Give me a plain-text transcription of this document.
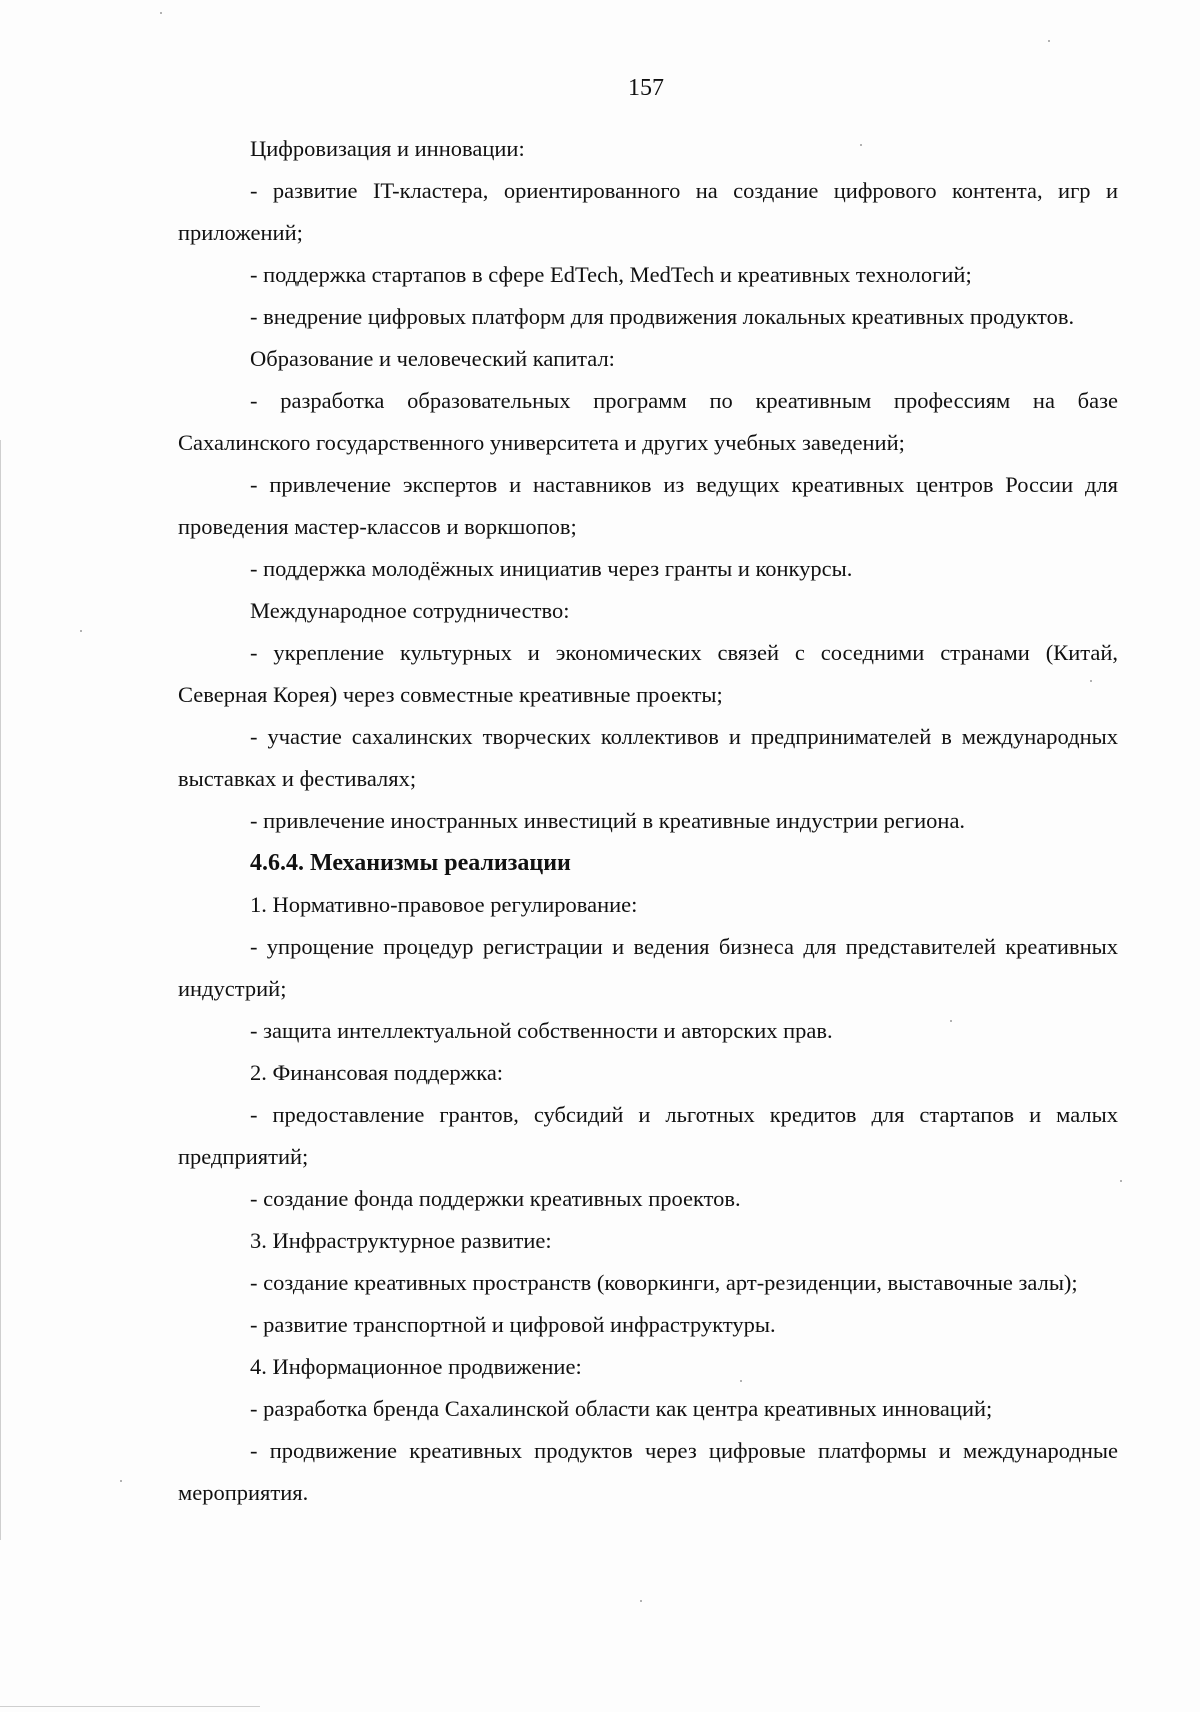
157

Цифровизация и инновации:

- развитие IT-кластера, ориентированного на создание цифрового контента, игр и приложений;

- поддержка стартапов в сфере EdTech, MedTech и креативных технологий;

- внедрение цифровых платформ для продвижения локальных креативных продуктов.

Образование и человеческий капитал:

- разработка образовательных программ по креативным профессиям на базе Сахалинского государственного университета и других учебных заведений;

- привлечение экспертов и наставников из ведущих креативных центров России для проведения мастер-классов и воркшопов;

- поддержка молодёжных инициатив через гранты и конкурсы.

Международное сотрудничество:

- укрепление культурных и экономических связей с соседними странами (Китай, Северная Корея) через совместные креативные проекты;

- участие сахалинских творческих коллективов и предпринимателей в международных выставках и фестивалях;

- привлечение иностранных инвестиций в креативные индустрии региона.

4.6.4. Механизмы реализации

1. Нормативно-правовое регулирование:

- упрощение процедур регистрации и ведения бизнеса для представителей креативных индустрий;

- защита интеллектуальной собственности и авторских прав.

2. Финансовая поддержка:

- предоставление грантов, субсидий и льготных кредитов для стартапов и малых предприятий;

- создание фонда поддержки креативных проектов.

3. Инфраструктурное развитие:

- создание креативных пространств (коворкинги, арт-резиденции, выставочные залы);

- развитие транспортной и цифровой инфраструктуры.

4. Информационное продвижение:

- разработка бренда Сахалинской области как центра креативных инноваций;

- продвижение креативных продуктов через цифровые платформы и международные мероприятия.
